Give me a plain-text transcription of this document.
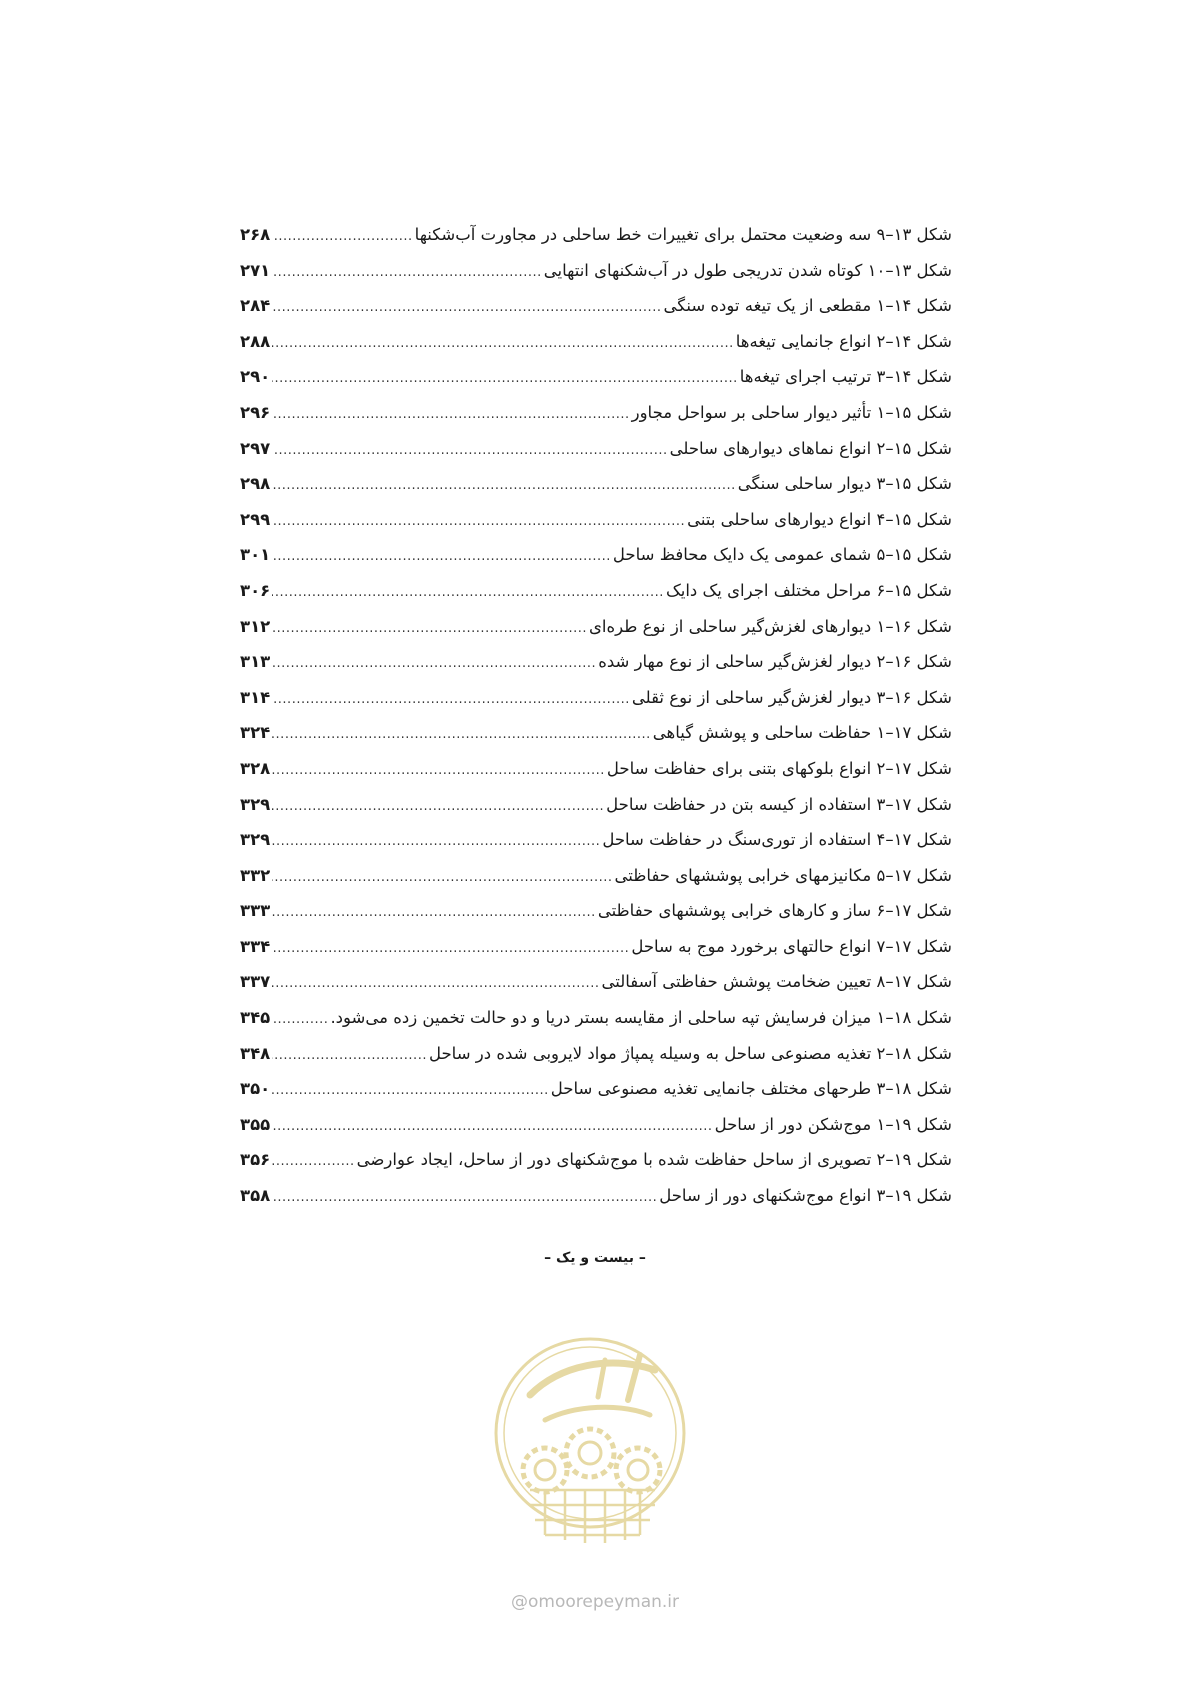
شکل ۱۳–۹ سه وضعیت محتمل برای تغییرات خط ساحلی در مجاورت آب‌شکنها
.....
۲۶۸
شکل ۱۳–۱۰ کوتاه شدن تدریجی طول در آب‌شکنهای انتهایی
.....
۲۷۱
شکل ۱۴–۱ مقطعی از یک تیغه توده سنگی
.....
۲۸۴
شکل ۱۴–۲ انواع جانمایی تیغه‌ها
.....
۲۸۸
شکل ۱۴–۳ ترتیب اجرای تیغه‌ها
.....
۲۹۰
شکل ۱۵–۱ تأثیر دیوار ساحلی بر سواحل مجاور
.....
۲۹۶
شکل ۱۵–۲ انواع نماهای دیوارهای ساحلی
.....
۲۹۷
شکل ۱۵–۳ دیوار ساحلی سنگی
.....
۲۹۸
شکل ۱۵–۴ انواع دیوارهای ساحلی بتنی
.....
۲۹۹
شکل ۱۵–۵ شمای عمومی یک دایک محافظ ساحل
.....
۳۰۱
شکل ۱۵–۶ مراحل مختلف اجرای یک دایک
.....
۳۰۶
شکل ۱۶–۱ دیوارهای لغزش‌گیر ساحلی از نوع طره‌ای
.....
۳۱۲
شکل ۱۶–۲ دیوار لغزش‌گیر ساحلی از نوع مهار شده
.....
۳۱۳
شکل ۱۶–۳ دیوار لغزش‌گیر ساحلی از نوع ثقلی
.....
۳۱۴
شکل ۱۷–۱ حفاظت ساحلی و پوشش گیاهی
.....
۳۲۴
شکل ۱۷–۲ انواع بلوکهای بتنی برای حفاظت ساحل
.....
۳۲۸
شکل ۱۷–۳ استفاده از کیسه بتن در حفاظت ساحل
.....
۳۲۹
شکل ۱۷–۴ استفاده از توری‌سنگ در حفاظت ساحل
.....
۳۲۹
شکل ۱۷–۵ مکانیزمهای خرابی پوششهای حفاظتی
.....
۳۳۲
شکل ۱۷–۶ ساز و کارهای خرابی پوششهای حفاظتی
.....
۳۳۳
شکل ۱۷–۷ انواع حالتهای برخورد موج به ساحل
.....
۳۳۴
شکل ۱۷–۸ تعیین ضخامت پوشش حفاظتی آسفالتی
.....
۳۳۷
شکل ۱۸–۱ میزان فرسایش تپه ساحلی از مقایسه بستر دریا و دو حالت تخمین زده می‌شود.
.....
۳۴۵
شکل ۱۸–۲ تغذیه مصنوعی ساحل به وسیله پمپاژ مواد لایروبی شده در ساحل
.....
۳۴۸
شکل ۱۸–۳ طرحهای مختلف جانمایی تغذیه مصنوعی ساحل
.....
۳۵۰
شکل ۱۹–۱ موج‌شکن دور از ساحل
.....
۳۵۵
شکل ۱۹–۲ تصویری از ساحل حفاظت شده با موج‌شکنهای دور از ساحل، ایجاد عوارضی
.....
۳۵۶
شکل ۱۹–۳ انواع موج‌شکنهای دور از ساحل
.....
۳۵۸
– بیست و یک –
@omoorepeyman.ir
